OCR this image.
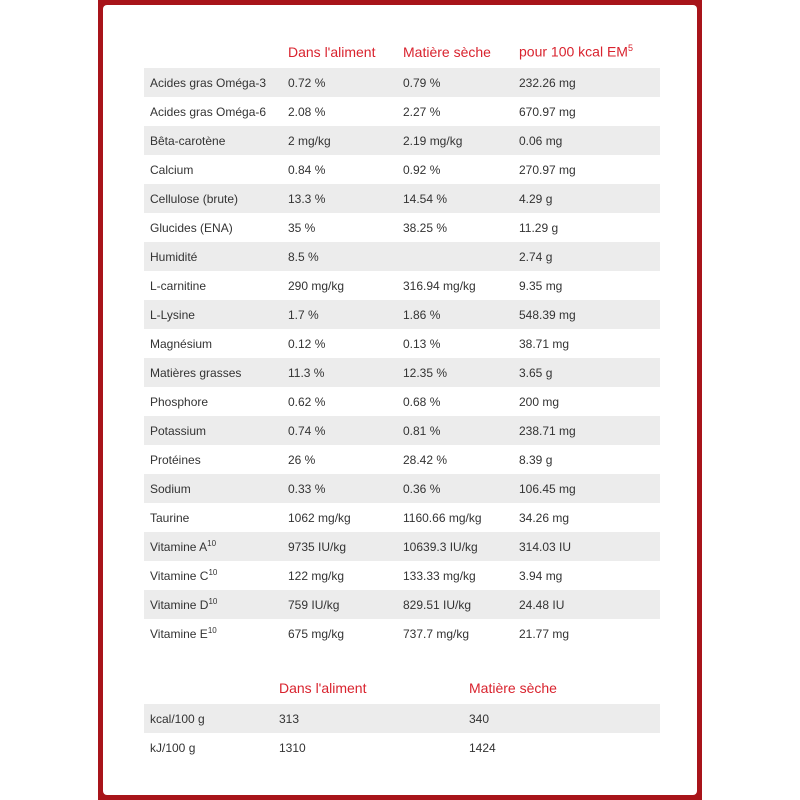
	Dans l'aliment	Matière sèche	pour 100 kcal $EM^5$
Acides gras Oméga-3	0.72 %	0.79 %	232.26 mg
Acides gras Oméga-6	2.08 %	2.27 %	670.97 mg
Bêta-carotène	2 mg/kg	2.19 mg/kg	0.06 mg
Calcium	0.84 %	0.92 %	270.97 mg
Cellulose (brute)	13.3 %	14.54 %	4.29 g
Glucides (ENA)	35 %	38.25 %	11.29 g
Humidité	8.5 %		2.74 g
L-carnitine	290 mg/kg	316.94 mg/kg	9.35 mg
L-Lysine	1.7 %	1.86 %	548.39 mg
Magnésium	0.12 %	0.13 %	38.71 mg
Matières grasses	11.3 %	12.35 %	3.65 g
Phosphore	0.62 %	0.68 %	200 mg
Potassium	0.74 %	0.81 %	238.71 mg
Protéines	26 %	28.42 %	8.39 g
Sodium	0.33 %	0.36 %	106.45 mg
Taurine	1062 mg/kg	1160.66 mg/kg	34.26 mg
Vitamine $A^{10}$	9735 IU/kg	10639.3 IU/kg	314.03 IU
Vitamine $C^{10}$	122 mg/kg	133.33 mg/kg	3.94 mg
Vitamine $D^{10}$	759 IU/kg	829.51 IU/kg	24.48 IU
Vitamine $E^{10}$	675 mg/kg	737.7 mg/kg	21.77 mg
	Dans l'aliment	Matière sèche
kcal/100 g	313	340
kJ/100 g	1310	1424
